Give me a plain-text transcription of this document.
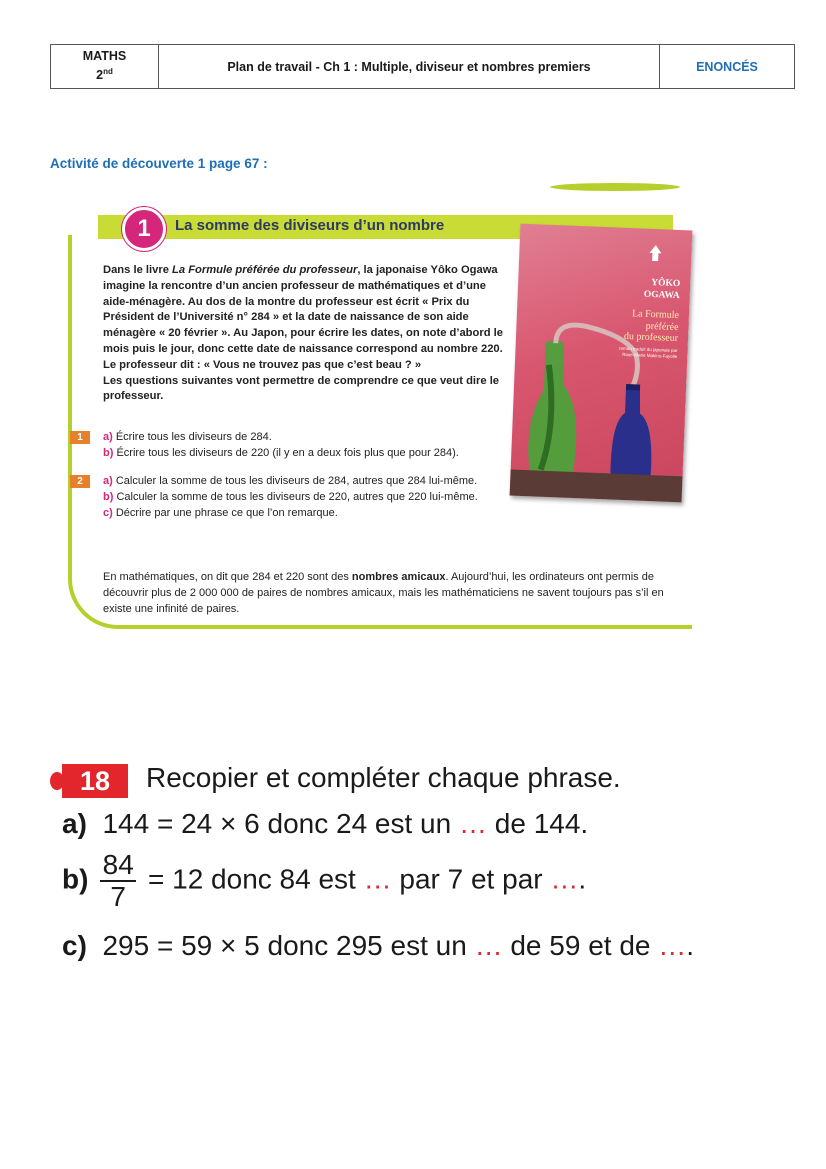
MATHS
2nd	Plan de travail - Ch 1 : Multiple, diviseur et nombres premiers	ENONCÉS
Activité de découverte 1 page 67 :
1	La somme des diviseurs d’un nombre
Dans le livre La Formule préférée du professeur, la japonaise Yôko Ogawa imagine la rencontre d’un ancien professeur de mathématiques et d’une aide-ménagère. Au dos de la montre du professeur est écrit « Prix du Président de l’Université n° 284 » et la date de naissance de son aide ménagère « 20 février ». Au Japon, pour écrire les dates, on note d’abord le mois puis le jour, donc cette date de naissance correspond au nombre 220.
Le professeur dit : « Vous ne trouvez pas que c’est beau ? »
Les questions suivantes vont permettre de comprendre ce que veut dire le professeur.
1	a) Écrire tous les diviseurs de 284.
b) Écrire tous les diviseurs de 220 (il y en a deux fois plus que pour 284).
2	a) Calculer la somme de tous les diviseurs de 284, autres que 284 lui-même.
b) Calculer la somme de tous les diviseurs de 220, autres que 220 lui-même.
c) Décrire par une phrase ce que l’on remarque.
En mathématiques, on dit que 284 et 220 sont des nombres amicaux. Aujourd’hui, les ordinateurs ont permis de découvrir plus de 2 000 000 de paires de nombres amicaux, mais les mathématiciens ne savent toujours pas s’il en existe une infinité de paires.
YÔKO
OGAWA
La Formule
préférée
du professeur
roman traduit du japonais par Rose-Marie Makino-Fayolle
18	Recopier et compléter chaque phrase.
a) 144 = 24 × 6 donc 24 est un … de 144.
$b) \frac{84}{7} = 12$ donc 84 est … par 7 et par ….
c) 295 = 59 × 5 donc 295 est un … de 59 et de ….
